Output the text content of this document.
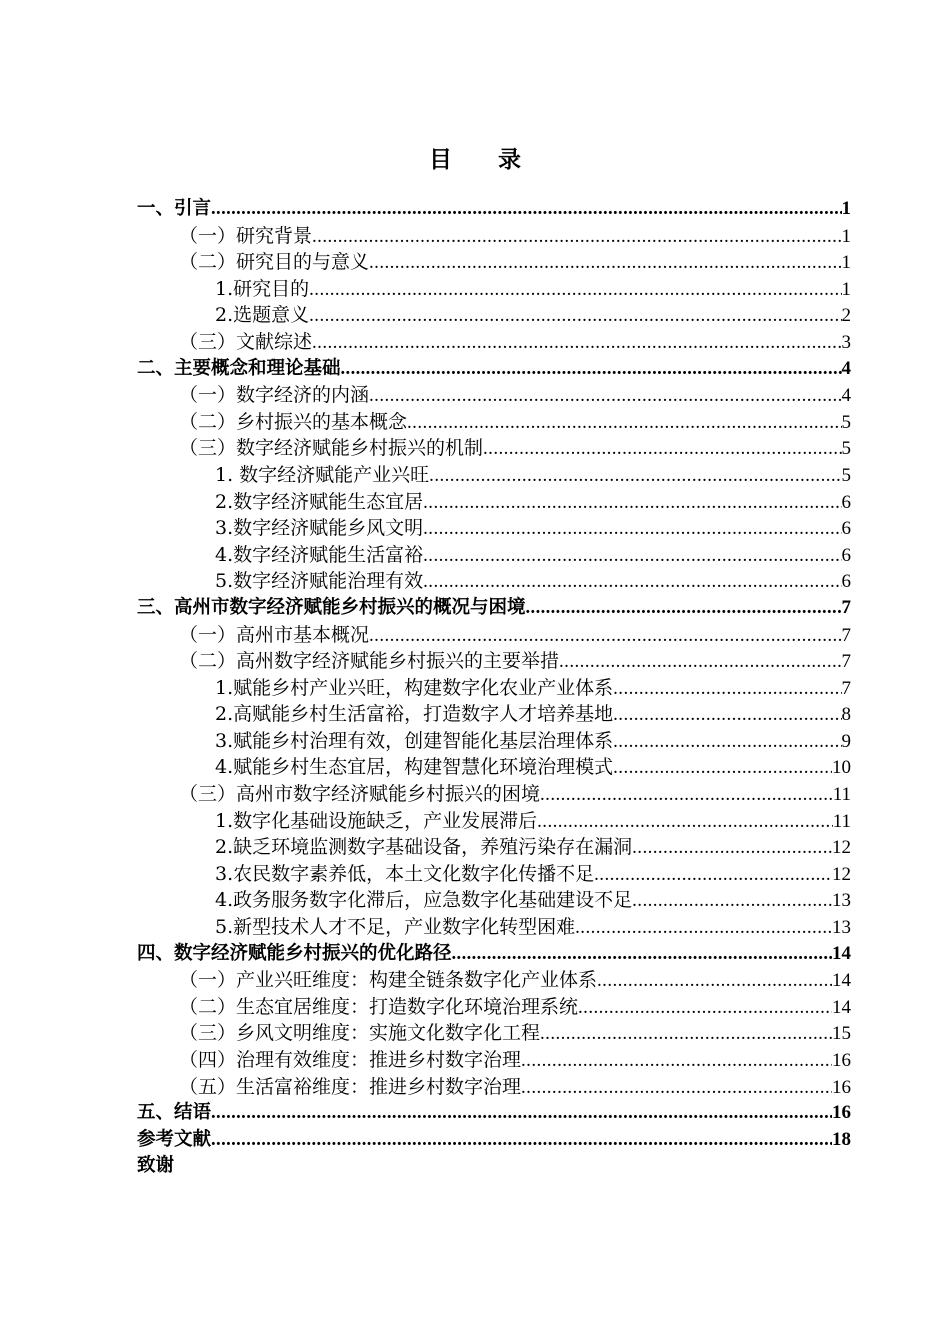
目 录
一、引言 .....	1
（一）研究背景 .....	1
（二）研究目的与意义 .....	1
1.研究目的 .....	1
2.选题意义 .....	2
（三）文献综述 .....	3
二、主要概念和理论基础 .....	4
（一）数字经济的内涵 .....	4
（二）乡村振兴的基本概念 .....	5
（三）数字经济赋能乡村振兴的机制 .....	5
1. 数字经济赋能产业兴旺 .....	5
2.数字经济赋能生态宜居 .....	6
3.数字经济赋能乡风文明 .....	6
4.数字经济赋能生活富裕 .....	6
5.数字经济赋能治理有效 .....	6
三、高州市数字经济赋能乡村振兴的概况与困境 .....	7
（一）高州市基本概况 .....	7
（二）高州数字经济赋能乡村振兴的主要举措 .....	7
1.赋能乡村产业兴旺，构建数字化农业产业体系 .....	7
2.高赋能乡村生活富裕，打造数字人才培养基地 .....	8
3.赋能乡村治理有效，创建智能化基层治理体系 .....	9
4.赋能乡村生态宜居，构建智慧化环境治理模式 .....	10
（三）高州市数字经济赋能乡村振兴的困境 .....	11
1.数字化基础设施缺乏，产业发展滞后 .....	11
2.缺乏环境监测数字基础设备，养殖污染存在漏洞 .....	12
3.农民数字素养低，本土文化数字化传播不足 .....	12
4.政务服务数字化滞后，应急数字化基础建设不足 .....	13
5.新型技术人才不足，产业数字化转型困难 .....	13
四、数字经济赋能乡村振兴的优化路径 .....	14
（一）产业兴旺维度：构建全链条数字化产业体系 .....	14
（二）生态宜居维度：打造数字化环境治理系统 .....	14
（三）乡风文明维度：实施文化数字化工程 .....	15
（四）治理有效维度：推进乡村数字治理 .....	16
（五）生活富裕维度：推进乡村数字治理 .....	16
五、结语 .....	16
参考文献 .....	18
致谢
